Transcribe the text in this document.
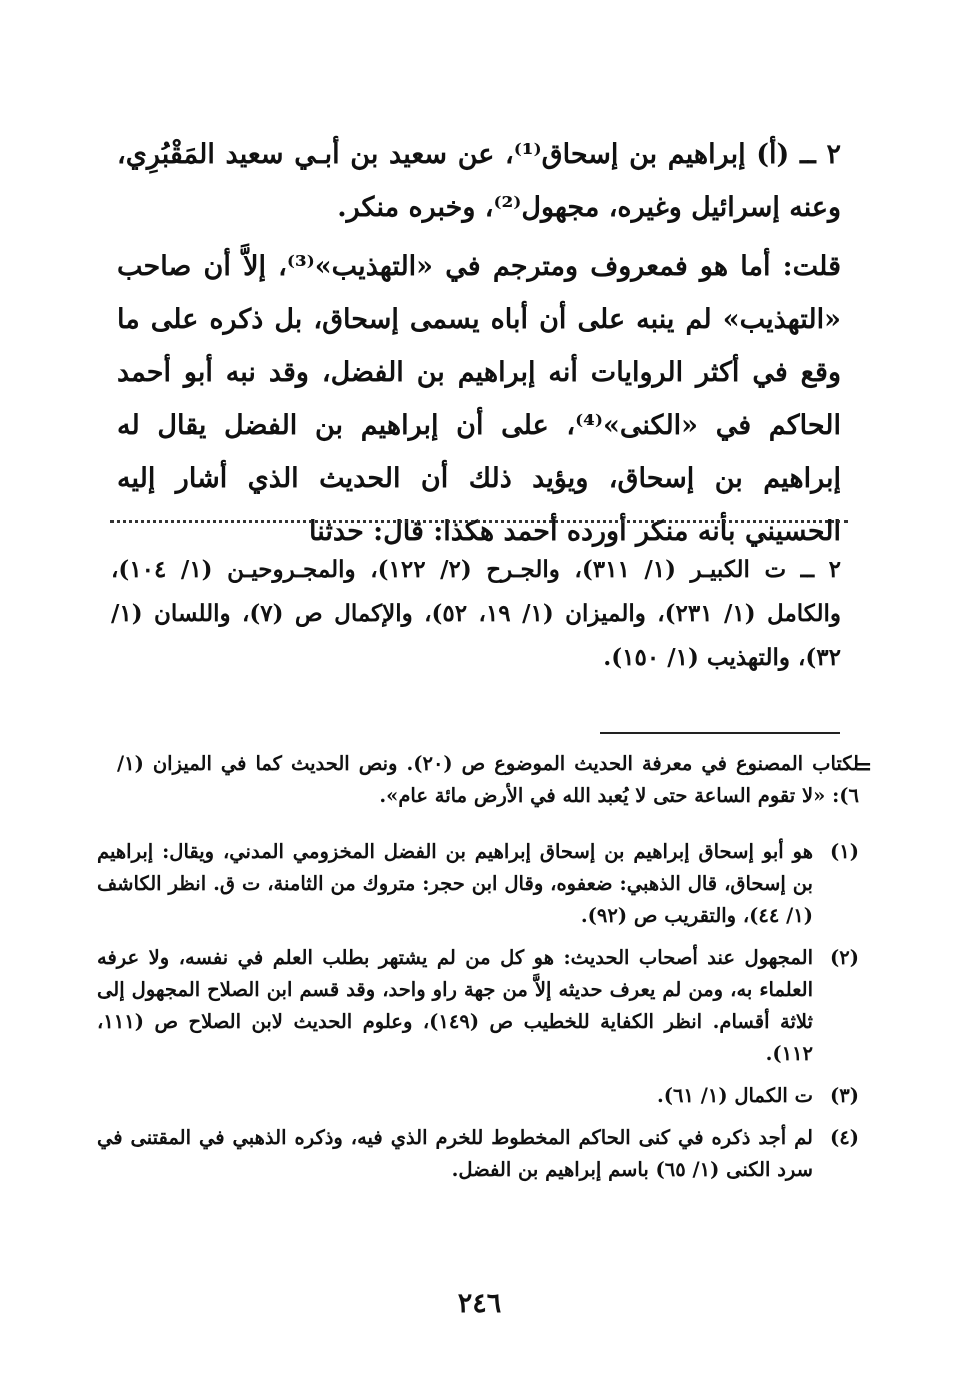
٢ ــ (أ) إبراهيم بن إسحاق⁽¹⁾، عن سعيد بن أبـي سعيد المَقْبُرِي، وعنه إسرائيل وغيره، مجهول⁽²⁾، وخبره منكر.

قلت: أما هو فمعروف ومترجم في «التهذيب»⁽³⁾، إلاَّ أن صاحب «التهذيب» لم ينبه على أن أباه يسمى إسحاق، بل ذكره على ما وقع في أكثر الروايات أنه إبراهيم بن الفضل، وقد نبه أبو أحمد الحاكم في «الكنى»⁽⁴⁾، على أن إبراهيم بن الفضل يقال له إبراهيم بن إسحاق، ويؤيد ذلك أن الحديث الذي أشار إليه الحسيني بأنه منكر أورده أحمد هكذا: قال: حدثنا

٢ ــ ت الكبيـر (١/ ٣١١)، والجـرح (٢/ ١٢٢)، والمجـروحيـن (١/ ١٠٤)، والكامل (١/ ٢٣١)، والميزان (١/ ١٩، ٥٢)، والإكمال ص (٧)، واللسان (١/ ٣٢)، والتهذيب (١/ ١٥٠).
=
لكتاب المصنوع في معرفة الحديث الموضوع ص (٢٠). ونص الحديث كما في الميزان (١/ ٦): «لا تقوم الساعة حتى لا يُعبد الله في الأرض مائة عام».
(١)
هو أبو إسحاق إبراهيم بن إسحاق إبراهيم بن الفضل المخزومي المدني، ويقال: إبراهيم بن إسحاق، قال الذهبي: ضعفوه، وقال ابن حجر: متروك من الثامنة، ت ق. انظر الكاشف (١/ ٤٤)، والتقريب ص (٩٢).
(٢)
المجهول عند أصحاب الحديث: هو كل من لم يشتهر بطلب العلم في نفسه، ولا عرفه العلماء به، ومن لم يعرف حديثه إلاَّ من جهة راو واحد، وقد قسم ابن الصلاح المجهول إلى ثلاثة أقسام. انظر الكفاية للخطيب ص (١٤٩)، وعلوم الحديث لابن الصلاح ص (١١١، ١١٢).
(٣)
ت الكمال (١/ ٦١).
(٤)
لم أجد ذكره في كنى الحاكم المخطوط للخرم الذي فيه، وذكره الذهبي في المقتنى في سرد الكنى (١/ ٦٥) باسم إبراهيم بن الفضل.
٢٤٦
